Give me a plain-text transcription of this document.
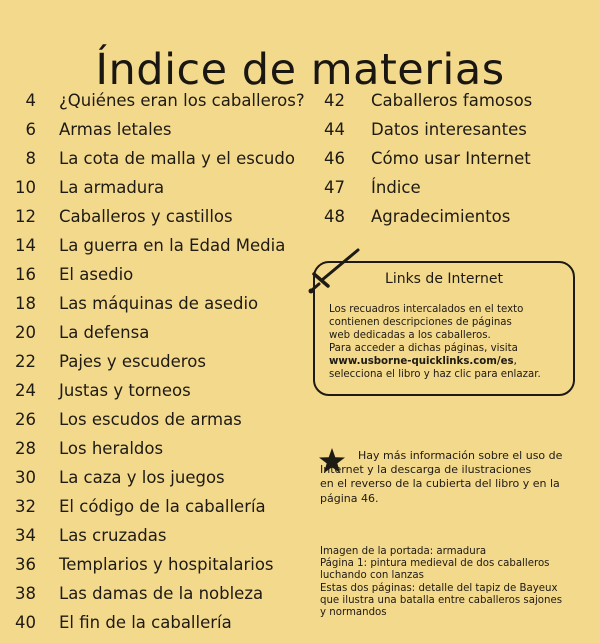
Índice de materias
4 ¿Quiénes eran los caballeros?
6 Armas letales
8 La cota de malla y el escudo
10 La armadura
12 Caballeros y castillos
14 La guerra en la Edad Media
16 El asedio
18 Las máquinas de asedio
20 La defensa
22 Pajes y escuderos
24 Justas y torneos
26 Los escudos de armas
28 Los heraldos
30 La caza y los juegos
32 El código de la caballería
34 Las cruzadas
36 Templarios y hospitalarios
38 Las damas de la nobleza
40 El fin de la caballería
42 Caballeros famosos
44 Datos interesantes
46 Cómo usar Internet
47 Índice
48 Agradecimientos
Links de Internet
Los recuadros intercalados en el texto
contienen descripciones de páginas
web dedicadas a los caballeros.
Para acceder a dichas páginas, visita
www.usborne-quicklinks.com/es,
selecciona el libro y haz clic para enlazar.
Hay más información sobre el uso de
Internet y la descarga de ilustraciones
en el reverso de la cubierta del libro y en la
página 46.
Imagen de la portada: armadura
Página 1: pintura medieval de dos caballeros
luchando con lanzas
Estas dos páginas: detalle del tapiz de Bayeux
que ilustra una batalla entre caballeros sajones
y normandos
